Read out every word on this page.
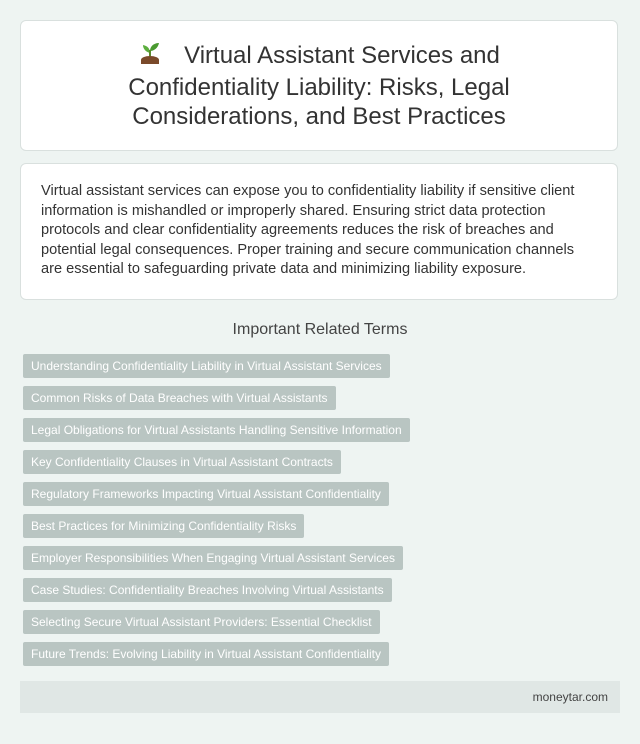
Virtual Assistant Services and Confidentiality Liability: Risks, Legal Considerations, and Best Practices

Virtual assistant services can expose you to confidentiality liability if sensitive client information is mishandled or improperly shared. Ensuring strict data protection protocols and clear confidentiality agreements reduces the risk of breaches and potential legal consequences. Proper training and secure communication channels are essential to safeguarding private data and minimizing liability exposure.

Important Related Terms
Understanding Confidentiality Liability in Virtual Assistant Services
Common Risks of Data Breaches with Virtual Assistants
Legal Obligations for Virtual Assistants Handling Sensitive Information
Key Confidentiality Clauses in Virtual Assistant Contracts
Regulatory Frameworks Impacting Virtual Assistant Confidentiality
Best Practices for Minimizing Confidentiality Risks
Employer Responsibilities When Engaging Virtual Assistant Services
Case Studies: Confidentiality Breaches Involving Virtual Assistants
Selecting Secure Virtual Assistant Providers: Essential Checklist
Future Trends: Evolving Liability in Virtual Assistant Confidentiality
moneytar.com
